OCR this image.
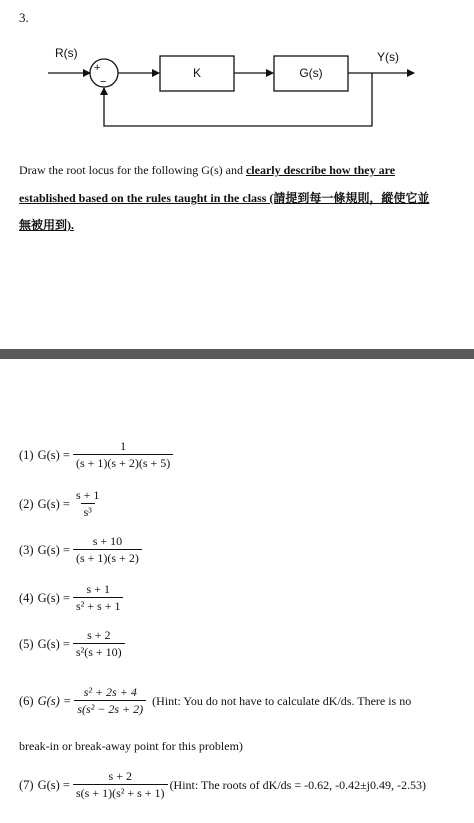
3.
R(s)	Y(s)
+
−
K	G(s)
Draw the root locus for the following G(s) and clearly describe how they are
established based on the rules taught in the class (請提到每一條規則，縱使它並
無被用到).
(1) $G(s) = \frac{1}{(s + 1)(s + 2)(s + 5)}$
(2) $G(s) = \frac{s + 1}{\text{s³}}$
(3) $G(s) = \frac{s + 10}{(s + 1)(s + 2)}$
(4) $G(s) = \frac{s + 1}{\text{s² + s + 1}}$
(5) $G(s) = \frac{s + 2}{\text{s²(s + 10)}}$
(6) $G(s) = \frac{\text{s² + 2s + 4}}{\text{s(s² − 2s + 2)}}$ (Hint: You do not have to calculate dK/ds. There is no
break-in or break-away point for this problem)
(7) $G(s) = \frac{s + 2}{\text{s(s + 1)(s² + s + 1)}}$ (Hint: The roots of dK/ds = -0.62, -0.42±j0.49, -2.53)
